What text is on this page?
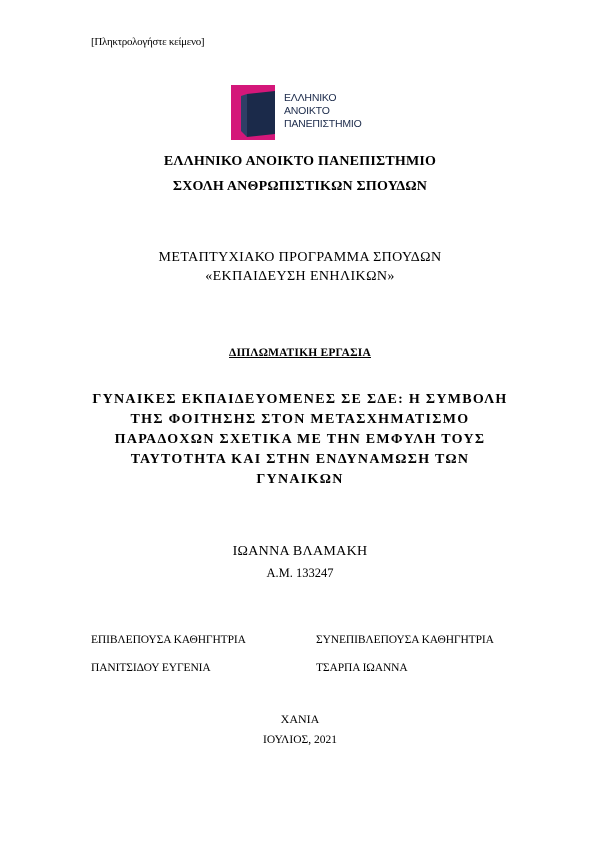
[Πληκτρολογήστε κείμενο]
ΕΛΛΗΝΙΚΟ
ΑΝΟΙΚΤΟ
ΠΑΝΕΠΙΣΤΗΜΙΟ
ΕΛΛΗΝΙΚΟ ΑΝΟΙΚΤΟ ΠΑΝΕΠΙΣΤΗΜΙΟ
ΣΧΟΛΗ ΑΝΘΡΩΠΙΣΤΙΚΩΝ ΣΠΟΥΔΩΝ
ΜΕΤΑΠΤΥΧΙΑΚΟ ΠΡΟΓΡΑΜΜΑ ΣΠΟΥΔΩΝ
«ΕΚΠΑΙΔΕΥΣΗ ΕΝΗΛΙΚΩΝ»
ΔΙΠΛΩΜΑΤΙΚΗ ΕΡΓΑΣΙΑ
ΓΥΝΑΙΚΕΣ ΕΚΠΑΙΔΕΥΟΜΕΝΕΣ ΣΕ ΣΔΕ: Η ΣΥΜΒΟΛΗ
ΤΗΣ ΦΟΙΤΗΣΗΣ ΣΤΟΝ ΜΕΤΑΣΧΗΜΑΤΙΣΜΟ
ΠΑΡΑΔΟΧΩΝ ΣΧΕΤΙΚΑ ΜΕ ΤΗΝ ΕΜΦΥΛΗ ΤΟΥΣ
ΤΑΥΤΟΤΗΤΑ ΚΑΙ ΣΤΗΝ ΕΝΔΥΝΑΜΩΣΗ ΤΩΝ
ΓΥΝΑΙΚΩΝ
ΙΩΑΝΝΑ ΒΛΑΜΑΚΗ
Α.Μ. 133247
ΕΠΙΒΛΕΠΟΥΣΑ ΚΑΘΗΓΗΤΡΙΑ	ΣΥΝΕΠΙΒΛΕΠΟΥΣΑ ΚΑΘΗΓΗΤΡΙΑ
ΠΑΝΙΤΣΙΔΟΥ ΕΥΓΕΝΙΑ	ΤΣΑΡΠΑ ΙΩΑΝΝΑ
ΧΑΝΙΑ
ΙΟΥΛΙΟΣ, 2021
